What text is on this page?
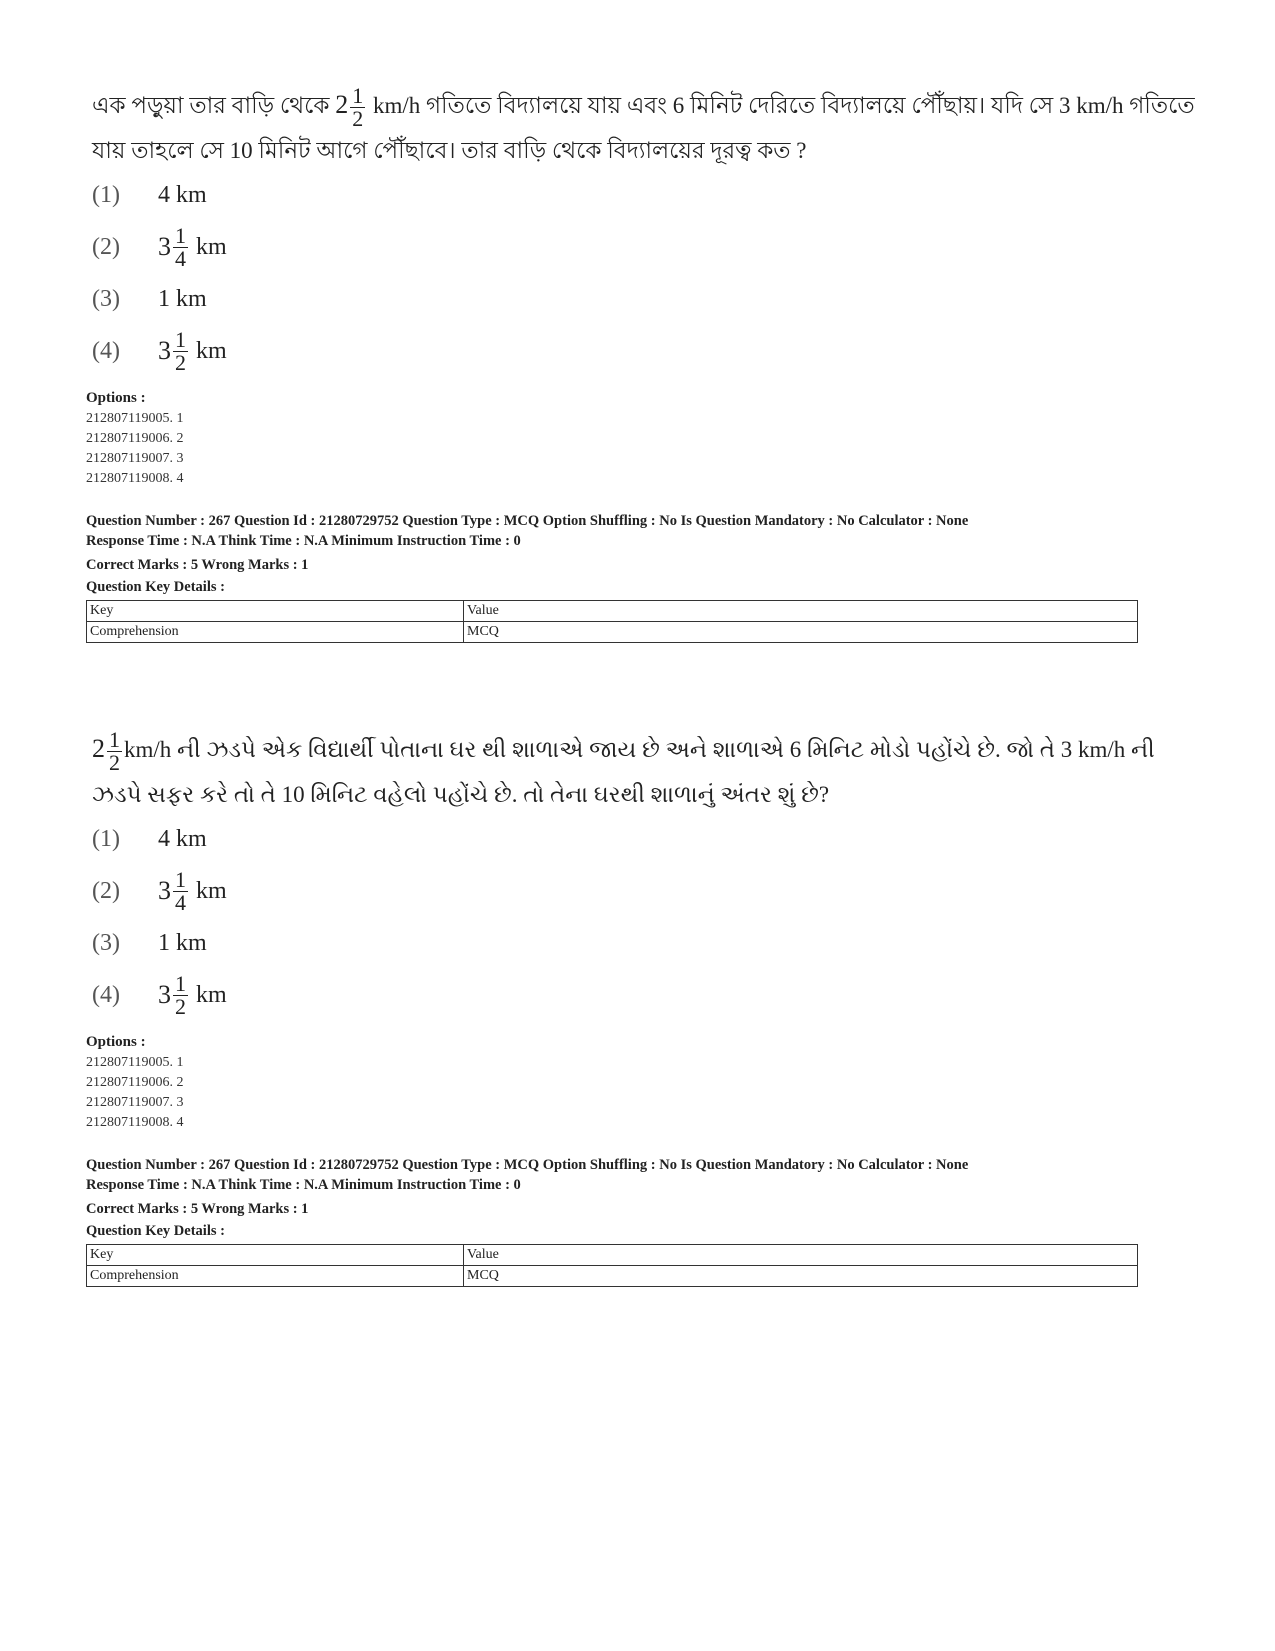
এক পড়ুয়া তার বাড়ি থেকে $2 \frac{1}{2} km/h$ গতিতে বিদ্যালয়ে যায় এবং 6 মিনিট দেরিতে বিদ্যালয়ে পৌঁছায়। যদি সে 3 km/h গতিতে যায় তাহলে সে 10 মিনিট আগে পৌঁছাবে। তার বাড়ি থেকে বিদ্যালয়ের দূরত্ব কত ?

(1)	4 km
(2)	$3 \frac{1}{4}$ km
(3)	1 km
(4)	$3 \frac{1}{2}$ km
Options :
212807119005. 1
212807119006. 2
212807119007. 3
212807119008. 4
Question Number : 267 Question Id : 21280729752 Question Type : MCQ Option Shuffling : No Is Question Mandatory : No Calculator : None
Response Time : N.A Think Time : N.A Minimum Instruction Time : 0
Correct Marks : 5 Wrong Marks : 1
Question Key Details :
Key	Value
Comprehension	MCQ

$2 \frac{1}{2} km/h$ ની ઝડપે એક વિદ્યાર્થી પોતાના ઘર થી શાળાએ જાય છે અને શાળાએ 6 મિનિટ મોડો પહોંચે છે. જો તે 3 km/h ની ઝડપે સફર કરે તો તે 10 મિનિટ વહેલો પહોંચે છે. તો તેના ઘરથી શાળાનું અંતર શું છે?

(1)	4 km
(2)	$3 \frac{1}{4}$ km
(3)	1 km
(4)	$3 \frac{1}{2}$ km
Options :
212807119005. 1
212807119006. 2
212807119007. 3
212807119008. 4
Question Number : 267 Question Id : 21280729752 Question Type : MCQ Option Shuffling : No Is Question Mandatory : No Calculator : None
Response Time : N.A Think Time : N.A Minimum Instruction Time : 0
Correct Marks : 5 Wrong Marks : 1
Question Key Details :
Key	Value
Comprehension	MCQ
